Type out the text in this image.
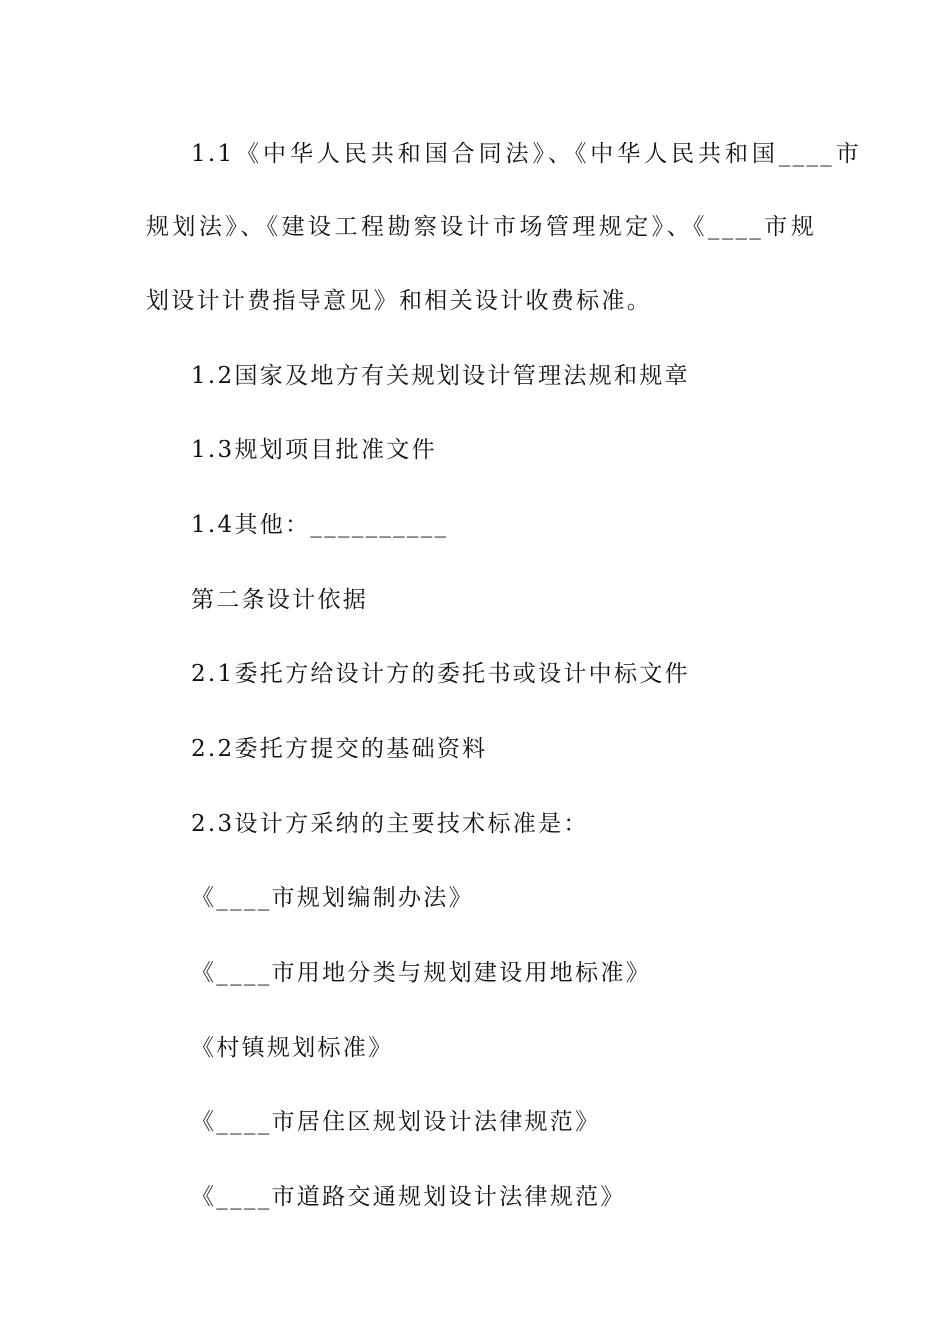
1.1《中华人民共和国合同法》、《中华人民共和国____市
规划法》、《建设工程勘察设计市场管理规定》、《____市规
划设计计费指导意见》和相关设计收费标准。
1.2国家及地方有关规划设计管理法规和规章
1.3规划项目批准文件
1.4其他：__________
第二条设计依据
2.1委托方给设计方的委托书或设计中标文件
2.2委托方提交的基础资料
2.3设计方采纳的主要技术标准是：
《____市规划编制办法》
《____市用地分类与规划建设用地标准》
《村镇规划标准》
《____市居住区规划设计法律规范》
《____市道路交通规划设计法律规范》
